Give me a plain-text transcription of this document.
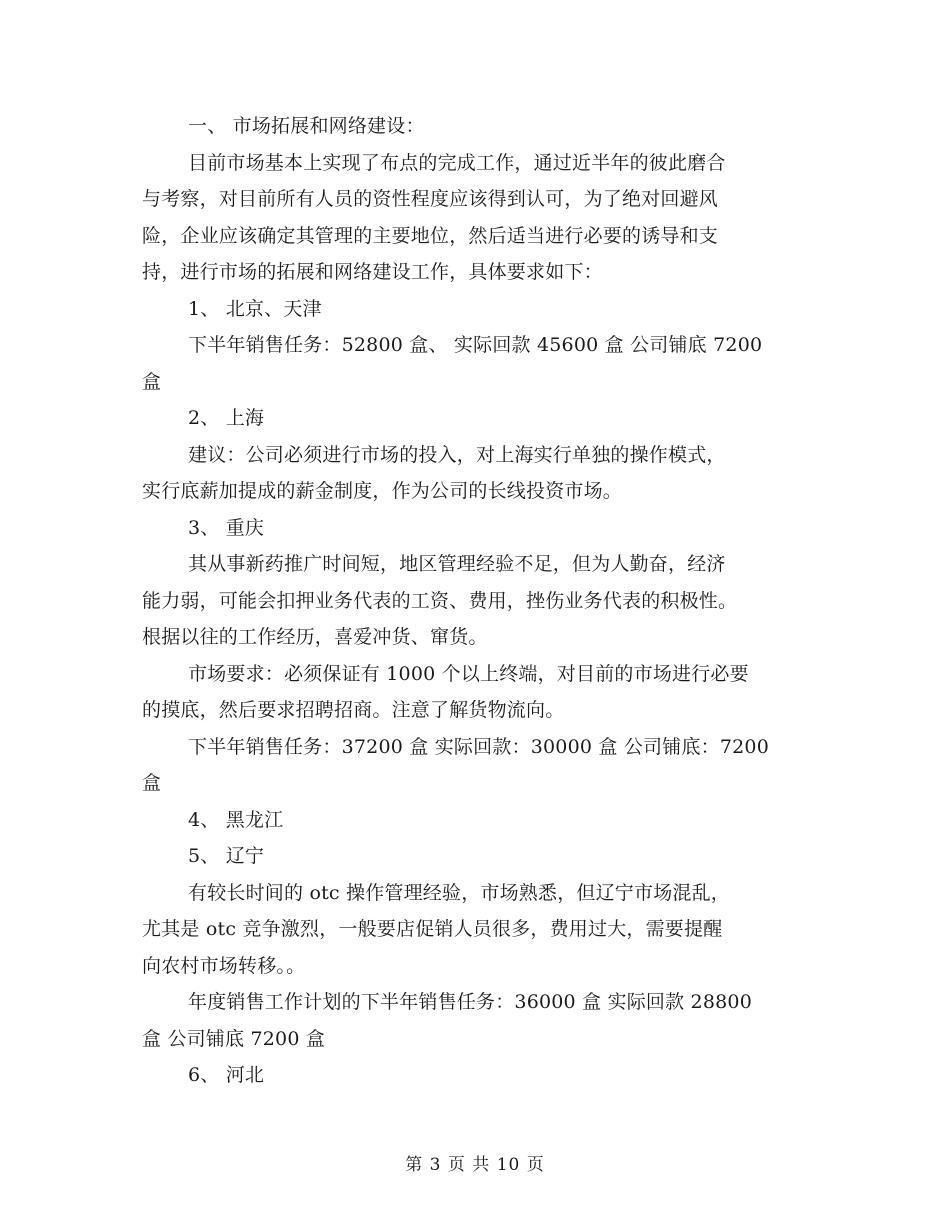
一、 市场拓展和网络建设：
目前市场基本上实现了布点的完成工作，通过近半年的彼此磨合
与考察，对目前所有人员的资性程度应该得到认可，为了绝对回避风
险，企业应该确定其管理的主要地位，然后适当进行必要的诱导和支
持，进行市场的拓展和网络建设工作，具体要求如下：
1、 北京、天津
下半年销售任务：52800 盒、 实际回款 45600 盒 公司铺底 7200
盒
2、 上海
建议：公司必须进行市场的投入，对上海实行单独的操作模式，
实行底薪加提成的薪金制度，作为公司的长线投资市场。
3、 重庆
其从事新药推广时间短，地区管理经验不足，但为人勤奋，经济
能力弱，可能会扣押业务代表的工资、费用，挫伤业务代表的积极性。
根据以往的工作经历，喜爱冲货、窜货。
市场要求：必须保证有 1000 个以上终端，对目前的市场进行必要
的摸底，然后要求招聘招商。注意了解货物流向。
下半年销售任务：37200 盒 实际回款：30000 盒 公司铺底：7200
盒
4、 黑龙江
5、 辽宁
有较长时间的 otc 操作管理经验，市场熟悉，但辽宁市场混乱，
尤其是 otc 竞争激烈，一般要店促销人员很多，费用过大，需要提醒
向农村市场转移。。
年度销售工作计划的下半年销售任务：36000 盒 实际回款 28800
盒 公司铺底 7200 盒
6、 河北
第 3 页 共 10 页
